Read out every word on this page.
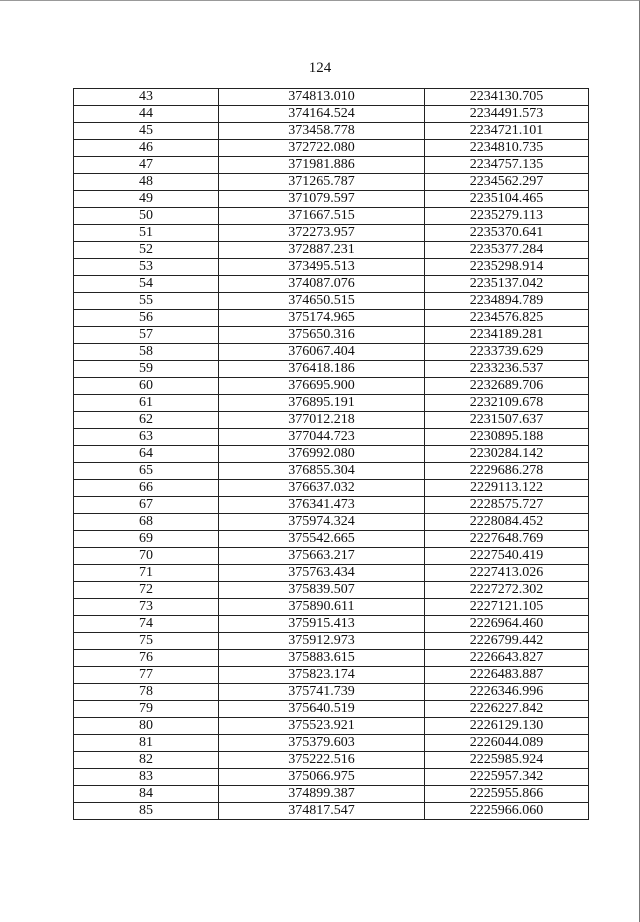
124
43	374813.010	2234130.705
44	374164.524	2234491.573
45	373458.778	2234721.101
46	372722.080	2234810.735
47	371981.886	2234757.135
48	371265.787	2234562.297
49	371079.597	2235104.465
50	371667.515	2235279.113
51	372273.957	2235370.641
52	372887.231	2235377.284
53	373495.513	2235298.914
54	374087.076	2235137.042
55	374650.515	2234894.789
56	375174.965	2234576.825
57	375650.316	2234189.281
58	376067.404	2233739.629
59	376418.186	2233236.537
60	376695.900	2232689.706
61	376895.191	2232109.678
62	377012.218	2231507.637
63	377044.723	2230895.188
64	376992.080	2230284.142
65	376855.304	2229686.278
66	376637.032	2229113.122
67	376341.473	2228575.727
68	375974.324	2228084.452
69	375542.665	2227648.769
70	375663.217	2227540.419
71	375763.434	2227413.026
72	375839.507	2227272.302
73	375890.611	2227121.105
74	375915.413	2226964.460
75	375912.973	2226799.442
76	375883.615	2226643.827
77	375823.174	2226483.887
78	375741.739	2226346.996
79	375640.519	2226227.842
80	375523.921	2226129.130
81	375379.603	2226044.089
82	375222.516	2225985.924
83	375066.975	2225957.342
84	374899.387	2225955.866
85	374817.547	2225966.060
